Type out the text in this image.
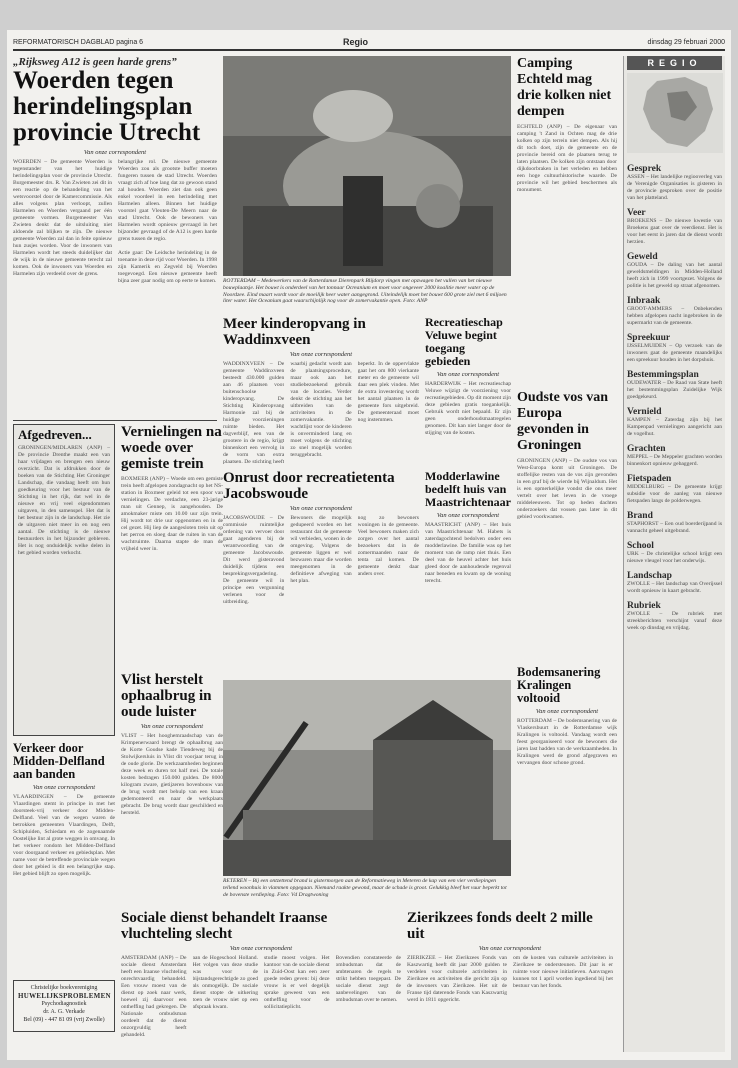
REFORMATORISCH DAGBLAD pagina 6	Regio	dinsdag 29 februari 2000
„Rijksweg A12 is geen harde grens”
Woerden tegen herindelingsplan provincie Utrecht
Van onze correspondent
WOERDEN – De gemeente Woerden is tegenstander van het huidige herindelingsplan voor de provincie Utrecht. Burgemeester drs. R. Van Zwieten zei dit in een reactie op de behandeling van het wetsvoorstel door de Kamercommissie. Als alles volgens plan verloopt, zullen Harmelen en Woerden vergaand per één gemeente vormen. Burgemeester Van Zwieten denkt dat de uitsluiting niet aldoende zal blijken te zijn. De nieuwe gemeente Woerden zal dan in feite opnieuw hun zusjes worden. Voor de inwoners van Harmelen wordt het steeds duidelijker dat de wijk in de nieuwe gemeente terecht zal komen. Ook de inwoners van Woerden en Harmelen zijn verdeeld over de grens.
belangrijke rol. De nieuwe gemeente Woerden zou als grootste buffer moeten fungeren tussen de stad Utrecht. Woerden vraagt zich af hoe lang dat zo gewoon stand zal houden. Woerden ziet dan ook geen enkel voordeel in een herindeling met Harmelen alleen. Binnen het huidige voorstel gaat Vleuten-De Meern naar de stad Utrecht. Ook de bewoners van Harmelen wordt opnieuw gevraagd in het bijzonder gevraagd of de A12 is geen harde grens tussen de regio.

Actie gaar: De Leidsche herindeling in de toename in deze rijd voor Woerden. In 1998 zijn Kamerik en Zegveld bij Woerden toegevoegd. Een nieuwe gemeente heeft bijna zeer gaar nodig om op eerte te komen. ROTTERDAM – Medewerkers van de Rotterdamse Dierenpark Blijdorp vingen met opzwagen het vullen van het nieuwe bouwplaatsje. Het bouwt is onderdeel van het tonnaar Ocreanium en moet voor ongeveer 2000 koalitie meer water op de Noordzee. Eind maart wordt voor de moeilijk heer water aangegrond. Uiteindelijk moet het bouwt 600 grote ziel met 6 miljoen liter water. Het Oceanium gaat waarschijnlijk nog voor de zomervakantie open. Foto: ANP
Afgedreven...
GRONINGEN/MIDLAREN (ANP) – De provincie Drenthe maakt een van haar vrijdagen en brengen een nieuw overzicht. Dat is afdrukken door de boeken van de Stichting Het Groninger Landschap, die vandaag heeft om hun goedkeuring voor het bestuur van de Stichting in het rijk, dat wel in de nieuwe en vrij veel eigendommen uitgaven, in den samenspel. Het dat is het bestuur zijn in de landschap. Het zie de uitgaven niet meer in en nog een aantal. De stichting is de nieuwe bestuurders in het bijzonder gebleven. Het is nog onduidelijk welke delen in het gebied worden verkocht.
Verkeer door Midden-Delfland aan banden
Van onze correspondent
VLAARDINGEN – De gemeente Vlaardingen stemt in principe in met het doorsteek-vrij verkeer door Midden-Delfland. Veel van de wegen waren de betrokken gemeenten Vlaardingen, Delft, Schipluiden, Schiedam en de zogenaamde Oostelijke lint al grote weggen in omvang. In het verkeer rondom het Midden-Delfland voor doorgaand verkeer en gebiedsplan. Met name voor de betreffende provinciale wegen door het gebied is dit een belangrijke stap. Het gebied blijft zo open mogelijk.
Christelijke boekvereniging
HUWELIJKSPROBLEMEN
Psychodiagnostiek
dr. A. G. Verkade
Bel (09) - 447 81 09 (vrij Zwolle)
Vernielingen na woede over gemiste trein
BOXMEER (ANP) – Woede om een gemiste trein heeft afgelopen zondagnacht op het NS-station in Boxmeer geleid tot een spoor van vernielingen. De verdachte, een 23-jarige man uit Gennep, is aangehouden. De amokmaker miste om 10.00 uur zijn trein. Hij wordt tot drie uur opgenomen en in de cel gezet. Hij liep de aangesloten trein uit op het perron en sloeg daar de ruiten in van de wachtruimte. Daarna stapte de man de vrijheid weer in.
Vlist herstelt ophaalbrug in oude luister
Van onze correspondent
VLIST – Het hooghemraadschap van de Krimpenerwaard brengt de ophaalbrug aan de Korte Goudse kade Tiendeweg bij de Stolwijkersluis in Vlist dit voorjaar terug in de oude glorie. De werkzaamheden beginnen deze week en duren tot half mei. De totale kosten bedragen 150.000 gulden. De 8000 kilogram zware, gietijzeren bovenbouw van de brug wordt met behulp van een kraan gedemonteerd en naar de werkplaats gebracht. De brug wordt daar geschilderd en hersteld.
Meer kinderopvang in Waddinxveen
Van onze correspondent
WADDINXVEEN – De gemeente Waddinxveen besteedt 430.000 gulden aan 46 plaatsen voor buitenschoolse kinderopvang. De Stichting Kinderopvang Harmonie zal bij de huidige voorzieningen ruimte bieden. Het dagverblijf, een van de grootere in de regio, krijgt binnenkort een vervolg in de vorm van extra plaatsen. De stichting heeft
waarbij gedacht wordt aan de plaatsingsprocedure, maar ook aan het studiebezoekend gebruik van de locaties. Verder denkt de stichting aan het uitbreiden van de activiteiten in de zomervakantie. De wachtlijst voor de kinderen is onverminderd lang en moet volgens de stichting zo snel mogelijk worden teruggebracht.
beperkt. In de oppervlakte gaat het om 800 vierkante meter en de gemeente wil daar een plek vinden. Met de extra investering wordt het aantal plaatsen in de gemeente fors uitgebreid. De gemeenteraad moet nog instemmen.
Recreatieschap Veluwe begint toegang gebieden
Van onze correspondent
HARDERWIJK – Het recreatieschap Veluwe wijzigt de voorziening voor recreatiegebieden. Op dit moment zijn deze gebieden gratis toegankelijk. Gebruik wordt niet bepaald. Er zijn geen onderhoudsmaatregelen genomen. Dit kan niet langer door de stijging van de kosten.
Onrust door recreatietenta Jacobswoude
Van onze correspondent
JACOBSWOUDE – De commissie ruimtelijke ordening van vervoer door gaat agenderen bij de verantwoording van de gemeente Jacobswoude. Dit werd gisteravond duidelijk tijdens een besprekingsvergadering. De gemeente wil in principe een vergunning verlenen voor de uitbreiding.
Bewoners die mogelijk gedupeerd worden en het restaurant dat de gemeente wil verbieden, wonen in de omgeving. Volgens de gemeente liggen er wel bezwaren maar die worden meegenomen in de definitieve afweging van het plan.
nog zo bewoners woningen in de gemeente. Veel bewoners maken zich zorgen over het aantal bezoekers dat in de zomermaanden naar de tenta zal komen. De gemeente denkt daar anders over.
Modderlawine bedelft huis van Maastrichtenaar
Van onze correspondent
MAASTRICHT (ANP) – Het huis van Maastrichtenaar M. Habets is zaterdagochtend bedolven onder een modderlawine. De familie was op het moment van de ramp niet thuis. Een deel van de heuvel achter het huis gleed door de aanhoudende regenval naar beneden en kwam op de woning terecht.
RETEREN – Bij een ontzettend brand is gistermorgen aan de Reformatieweg in Meteren de kap van een vier verdiepingen tellend woonhuis in vlammen opgegaan. Niemand raakte gewond, maar de schade is groot. Gelukkig bleef het vuur beperkt tot de bovenste verdieping. Foto: Vd Dragtwoning
Sociale dienst behandelt Iraanse vluchteling slecht
Van onze correspondent
AMSTERDAM (ANP) – De sociale dienst Amsterdam heeft een Iraanse vluchteling onrechtvaardig behandeld. Een vrouw moest van de dienst op zoek naar werk, hoewel zij daarvoor een ontheffing had gekregen. De Nationale ombudsman oordeelt dat de dienst onzorgvuldig heeft gehandeld.
aan de Hogeschool Holland. Het volgen van deze studie was voor de bijstandsgerechtigde zo goed als onmogelijk. De sociale dienst stopte de uitkering toen de vrouw niet op een afspraak kwam.
studie moest volgen. Het kantoor van de sociale dienst in Zuid-Oost kan een zeer goede reden geven: bij deze vrouw is er wel degelijk sprake geweest van een ontheffing voor de sollicitatieplicht.
Bovendien constateerde de ombudsman dat de ambtenaren de regels te strikt hebben toegepast. De sociale dienst zegt de aanbevelingen van de ombudsman over te nemen.
Zierikzees fonds deelt 2 mille uit
Van onze correspondent
ZIERIKZEE – Het Zierikzees Fonds van Kaszwartig heeft dit jaar 2000 gulden te verdelen voor culturele activiteiten in Zierikzee en activiteiten die gericht zijn op de inwoners van Zierikzee. Het uit de Franse tijd daterende Fonds van Kaszwartig werd in 1811 opgericht.
om de kosten van culturele activiteiten in Zierikzee te ondersteunen. Dit jaar is er ruimte voor nieuwe initiatieven. Aanvragen kunnen tot 1 april worden ingediend bij het bestuur van het fonds.
Camping Echteld mag drie kolken niet dempen
ECHTELD (ANP) – De eigenaar van camping 't Zand in Ochten mag de drie kolken op zijn terrein niet dempen. Als hij dit toch doet, zijn de gemeente en de provincie bereid om de plaatsen terug te laten plaatsen. De kolken zijn ontstaan door dijkdoorbraken in het verleden en hebben een hoge cultuurhistorische waarde. De provincie wil het gebied beschermen als monument.
Oudste vos van Europa gevonden in Groningen
GRONINGEN (ANP) – De oudste vos van West-Europa komt uit Groningen. De stoffelijke resten van de vos zijn gevonden in een graf bij de wierde bij Wijnaldum. Het is een opmerkelijke vondst die ons meer vertelt over het leven in de vroege middeleeuwen. Tot op heden dachten onderzoekers dat vossen pas later in dit gebied voorkwamen.
Bodemsanering Kralingen voltooid
Van onze correspondent
ROTTERDAM – De bodemsanering van de Vlaskersbuurt in de Rotterdamse wijk Kralingen is voltooid. Vandaag wordt een feest georganiseerd voor de bewoners die jaren last hadden van de werkzaamheden. In Kralingen werd de grond afgegraven en vervangen door schone grond.
REGIO
Gesprek
ASSEN – Het landelijke regiooverleg van de Verenigde Organisaties is gisteren in de provincie gesproken over de positie van het platteland.
Veer
BROEKENS – De nieuwe kwestie van Broekens gaat over de veerdienst. Het is voor het eerst in jaren dat de dienst wordt herzien.
Geweld
GOUDA – De daling van het aantal geweldsmeldingen in Midden-Holland heeft zich in 1999 voortgezet. Volgens de politie is het geweld op straat afgenomen.
Inbraak
GROOT-AMMERS – Onbekenden hebben afgelopen nacht ingebroken in de supermarkt van de gemeente.
Spreekuur
IJSSELMUIDEN – Op verzoek van de inwoners gaat de gemeente maandelijks een spreekuur houden in het dorpshuis.
Bestemmingsplan
OUDEWATER – De Raad van State heeft het bestemmingsplan Zuidelijke Wijk goedgekeurd.
Vernield
KAMPEN – Zaterdag zijn bij het Kampenpad vernielingen aangericht aan de vogelhut.
Grachten
MEPPEL – De Meppeler grachten worden binnenkort opnieuw gebaggerd.
Fietspaden
MIDDELBURG – De gemeente krijgt subsidie voor de aanleg van nieuwe fietspaden langs de polderwegen.
Brand
STAPHORST – Een oud boerderijpand is vannacht geheel uitgebrand.
School
URK – De christelijke school krijgt een nieuwe vleugel voor het onderwijs.
Landschap
ZWOLLE – Het landschap van Overijssel wordt opnieuw in kaart gebracht.
Rubriek
ZWOLLE – De rubriek met streekberichten verschijnt vanaf deze week op dinsdag en vrijdag.
